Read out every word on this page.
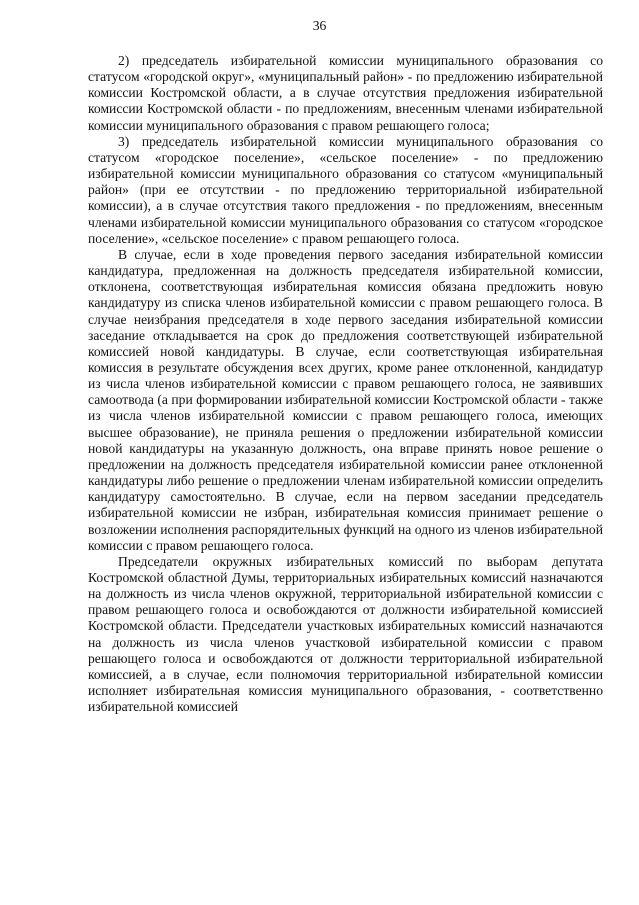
36

2) председатель избирательной комиссии муниципального образования со статусом «городской округ», «муниципальный район» - по предложению избирательной комиссии Костромской области, а в случае отсутствия предложения избирательной комиссии Костромской области - по предложениям, внесенным членами избирательной комиссии муниципального образования с правом решающего голоса;

3) председатель избирательной комиссии муниципального образования со статусом «городское поселение», «сельское поселение» - по предложению избирательной комиссии муниципального образования со статусом «муниципальный район» (при ее отсутствии - по предложению территориальной избирательной комиссии), а в случае отсутствия такого предложения - по предложениям, внесенным членами избирательной комиссии муниципального образования со статусом «городское поселение», «сельское поселение» с правом решающего голоса.

В случае, если в ходе проведения первого заседания избирательной комиссии кандидатура, предложенная на должность председателя избирательной комиссии, отклонена, соответствующая избирательная комиссия обязана предложить новую кандидатуру из списка членов избирательной комиссии с правом решающего голоса. В случае неизбрания председателя в ходе первого заседания избирательной комиссии заседание откладывается на срок до предложения соответствующей избирательной комиссией новой кандидатуры. В случае, если соответствующая избирательная комиссия в результате обсуждения всех других, кроме ранее отклоненной, кандидатур из числа членов избирательной комиссии с правом решающего голоса, не заявивших самоотвода (а при формировании избирательной комиссии Костромской области - также из числа членов избирательной комиссии с правом решающего голоса, имеющих высшее образование), не приняла решения о предложении избирательной комиссии новой кандидатуры на указанную должность, она вправе принять новое решение о предложении на должность председателя избирательной комиссии ранее отклоненной кандидатуры либо решение о предложении членам избирательной комиссии определить кандидатуру самостоятельно. В случае, если на первом заседании председатель избирательной комиссии не избран, избирательная комиссия принимает решение о возложении исполнения распорядительных функций на одного из членов избирательной комиссии с правом решающего голоса.

Председатели окружных избирательных комиссий по выборам депутата Костромской областной Думы, территориальных избирательных комиссий назначаются на должность из числа членов окружной, территориальной избирательной комиссии с правом решающего голоса и освобождаются от должности избирательной комиссией Костромской области. Председатели участковых избирательных комиссий назначаются на должность из числа членов участковой избирательной комиссии с правом решающего голоса и освобождаются от должности территориальной избирательной комиссией, а в случае, если полномочия территориальной избирательной комиссии исполняет избирательная комиссия муниципального образования, - соответственно избирательной комиссией
